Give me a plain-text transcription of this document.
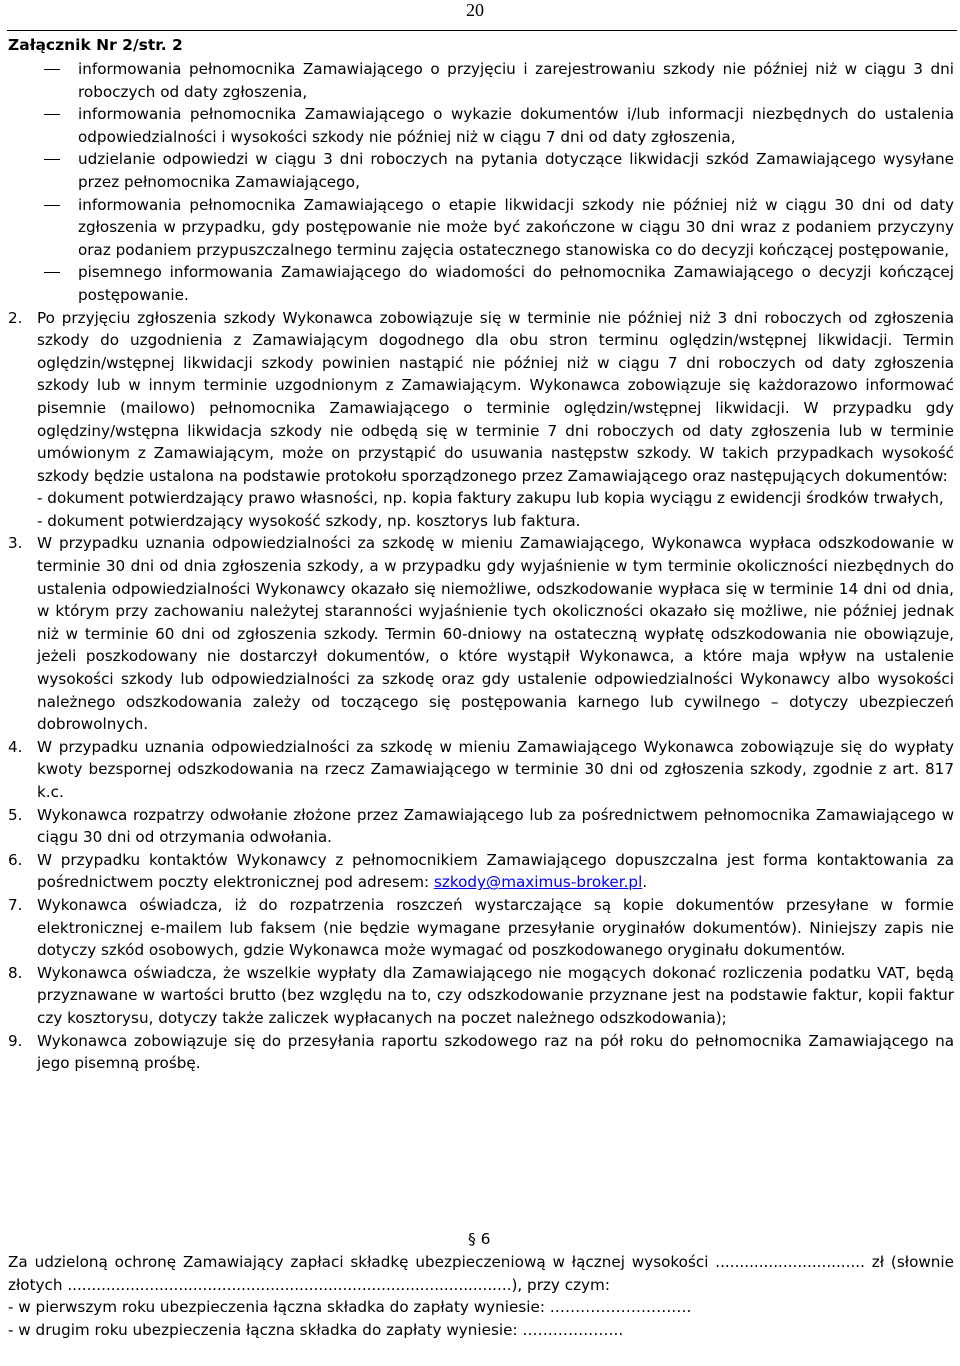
20
Załącznik Nr 2/str. 2
informowania pełnomocnika Zamawiającego o przyjęciu i zarejestrowaniu szkody nie później niż w ciągu 3 dni roboczych od daty zgłoszenia,
informowania pełnomocnika Zamawiającego o wykazie dokumentów i/lub informacji niezbędnych do ustalenia odpowiedzialności i wysokości szkody nie później niż w ciągu 7 dni od daty zgłoszenia,
udzielanie odpowiedzi w ciągu 3 dni roboczych na pytania dotyczące likwidacji szkód Zamawiającego wysyłane przez pełnomocnika Zamawiającego,
informowania pełnomocnika Zamawiającego o etapie likwidacji szkody nie później niż w ciągu 30 dni od daty zgłoszenia w przypadku, gdy postępowanie nie może być zakończone w ciągu 30 dni wraz z podaniem przyczyny oraz podaniem przypuszczalnego terminu zajęcia ostatecznego stanowiska co do decyzji kończącej postępowanie,
pisemnego informowania Zamawiającego do wiadomości do pełnomocnika Zamawiającego o decyzji kończącej postępowanie.
2. Po przyjęciu zgłoszenia szkody Wykonawca zobowiązuje się w terminie nie później niż 3 dni roboczych od zgłoszenia szkody do uzgodnienia z Zamawiającym dogodnego dla obu stron terminu oględzin/wstępnej likwidacji. Termin oględzin/wstępnej likwidacji szkody powinien nastąpić nie później niż w ciągu 7 dni roboczych od daty zgłoszenia szkody lub w innym terminie uzgodnionym z Zamawiającym. Wykonawca zobowiązuje się każdorazowo informować pisemnie (mailowo) pełnomocnika Zamawiającego o terminie oględzin/wstępnej likwidacji. W przypadku gdy oględziny/wstępna likwidacja szkody nie odbędą się w terminie 7 dni roboczych od daty zgłoszenia lub w terminie umówionym z Zamawiającym, może on przystąpić do usuwania następstw szkody. W takich przypadkach wysokość szkody będzie ustalona na podstawie protokołu sporządzonego przez Zamawiającego oraz następujących dokumentów:

- dokument potwierdzający prawo własności, np. kopia faktury zakupu lub kopia wyciągu z ewidencji środków trwałych,

- dokument potwierdzający wysokość szkody, np. kosztorys lub faktura.

3. W przypadku uznania odpowiedzialności za szkodę w mieniu Zamawiającego, Wykonawca wypłaca odszkodowanie w terminie 30 dni od dnia zgłoszenia szkody, a w przypadku gdy wyjaśnienie w tym terminie okoliczności niezbędnych do ustalenia odpowiedzialności Wykonawcy okazało się niemożliwe, odszkodowanie wypłaca się w terminie 14 dni od dnia, w którym przy zachowaniu należytej staranności wyjaśnienie tych okoliczności okazało się możliwe, nie później jednak niż w terminie 60 dni od zgłoszenia szkody. Termin 60-dniowy na ostateczną wypłatę odszkodowania nie obowiązuje, jeżeli poszkodowany nie dostarczył dokumentów, o które wystąpił Wykonawca, a które maja wpływ na ustalenie wysokości szkody lub odpowiedzialności za szkodę oraz gdy ustalenie odpowiedzialności Wykonawcy albo wysokości należnego odszkodowania zależy od toczącego się postępowania karnego lub cywilnego – dotyczy ubezpieczeń dobrowolnych.

4. W przypadku uznania odpowiedzialności za szkodę w mieniu Zamawiającego Wykonawca zobowiązuje się do wypłaty kwoty bezspornej odszkodowania na rzecz Zamawiającego w terminie 30 dni od zgłoszenia szkody, zgodnie z art. 817 k.c.

5. Wykonawca rozpatrzy odwołanie złożone przez Zamawiającego lub za pośrednictwem pełnomocnika Zamawiającego w ciągu 30 dni od otrzymania odwołania.

6. W przypadku kontaktów Wykonawcy z pełnomocnikiem Zamawiającego dopuszczalna jest forma kontaktowania za pośrednictwem poczty elektronicznej pod adresem: szkody@maximus-broker.pl.

7. Wykonawca oświadcza, iż do rozpatrzenia roszczeń wystarczające są kopie dokumentów przesyłane w formie elektronicznej e-mailem lub faksem (nie będzie wymagane przesyłanie oryginałów dokumentów). Niniejszy zapis nie dotyczy szkód osobowych, gdzie Wykonawca może wymagać od poszkodowanego oryginału dokumentów.

8. Wykonawca oświadcza, że wszelkie wypłaty dla Zamawiającego nie mogących dokonać rozliczenia podatku VAT, będą przyznawane w wartości brutto (bez względu na to, czy odszkodowanie przyznane jest na podstawie faktur, kopii faktur czy kosztorysu, dotyczy także zaliczek wypłacanych na poczet należnego odszkodowania);

9. Wykonawca zobowiązuje się do przesyłania raportu szkodowego raz na pół roku do pełnomocnika Zamawiającego na jego pisemną prośbę.

§ 6

Za udzieloną ochronę Zamawiający zapłaci składkę ubezpieczeniową w łącznej wysokości ............................... zł (słownie złotych ............................................................................................), przy czym:

- w pierwszym roku ubezpieczenia łączna składka do zapłaty wyniesie: ……………………….

- w drugim roku ubezpieczenia łączna składka do zapłaty wyniesie: ………………..
